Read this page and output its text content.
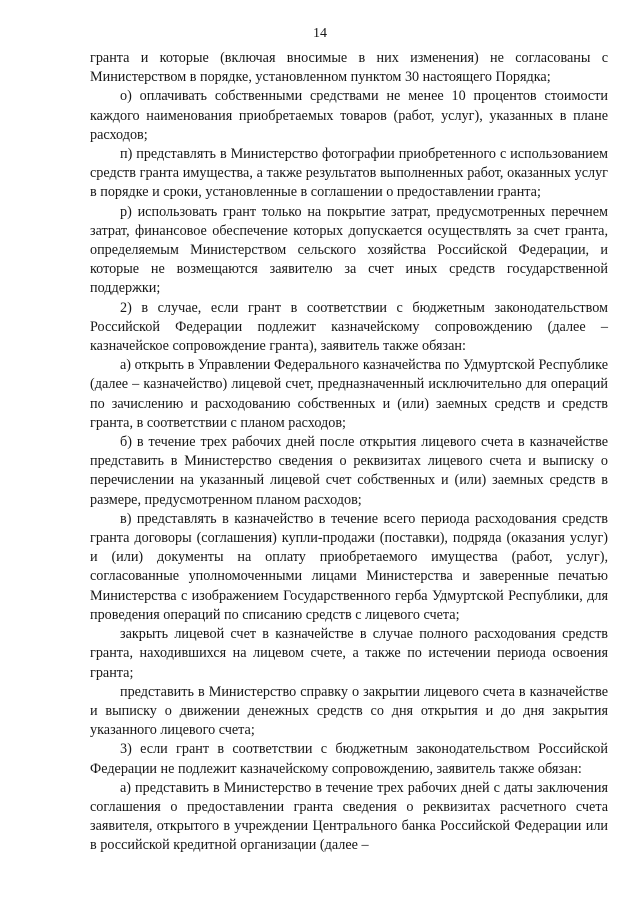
14

гранта и которые (включая вносимые в них изменения) не согласованы с Министерством в порядке, установленном пунктом 30 настоящего Порядка;

о) оплачивать собственными средствами не менее 10 процентов стоимости каждого наименования приобретаемых товаров (работ, услуг), указанных в плане расходов;

п) представлять в Министерство фотографии приобретенного с использованием средств гранта имущества, а также результатов выполненных работ, оказанных услуг в порядке и сроки, установленные в соглашении о предоставлении гранта;

р) использовать грант только на покрытие затрат, предусмотренных перечнем затрат, финансовое обеспечение которых допускается осуществлять за счет гранта, определяемым Министерством сельского хозяйства Российской Федерации, и которые не возмещаются заявителю за счет иных средств государственной поддержки;

2) в случае, если грант в соответствии с бюджетным законодательством Российской Федерации подлежит казначейскому сопровождению (далее – казначейское сопровождение гранта), заявитель также обязан:

а) открыть в Управлении Федерального казначейства по Удмуртской Республике (далее – казначейство) лицевой счет, предназначенный исключительно для операций по зачислению и расходованию собственных и (или) заемных средств и средств гранта, в соответствии с планом расходов;

б) в течение трех рабочих дней после открытия лицевого счета в казначействе представить в Министерство сведения о реквизитах лицевого счета и выписку о перечислении на указанный лицевой счет собственных и (или) заемных средств в размере, предусмотренном планом расходов;

в) представлять в казначейство в течение всего периода расходования средств гранта договоры (соглашения) купли-продажи (поставки), подряда (оказания услуг) и (или) документы на оплату приобретаемого имущества (работ, услуг), согласованные уполномоченными лицами Министерства и заверенные печатью Министерства с изображением Государственного герба Удмуртской Республики, для проведения операций по списанию средств с лицевого счета;

закрыть лицевой счет в казначействе в случае полного расходования средств гранта, находившихся на лицевом счете, а также по истечении периода освоения гранта;

представить в Министерство справку о закрытии лицевого счета в казначействе и выписку о движении денежных средств со дня открытия и до дня закрытия указанного лицевого счета;

3) если грант в соответствии с бюджетным законодательством Российской Федерации не подлежит казначейскому сопровождению, заявитель также обязан:

а) представить в Министерство в течение трех рабочих дней с даты заключения соглашения о предоставлении гранта сведения о реквизитах расчетного счета заявителя, открытого в учреждении Центрального банка Российской Федерации или в российской кредитной организации (далее –
